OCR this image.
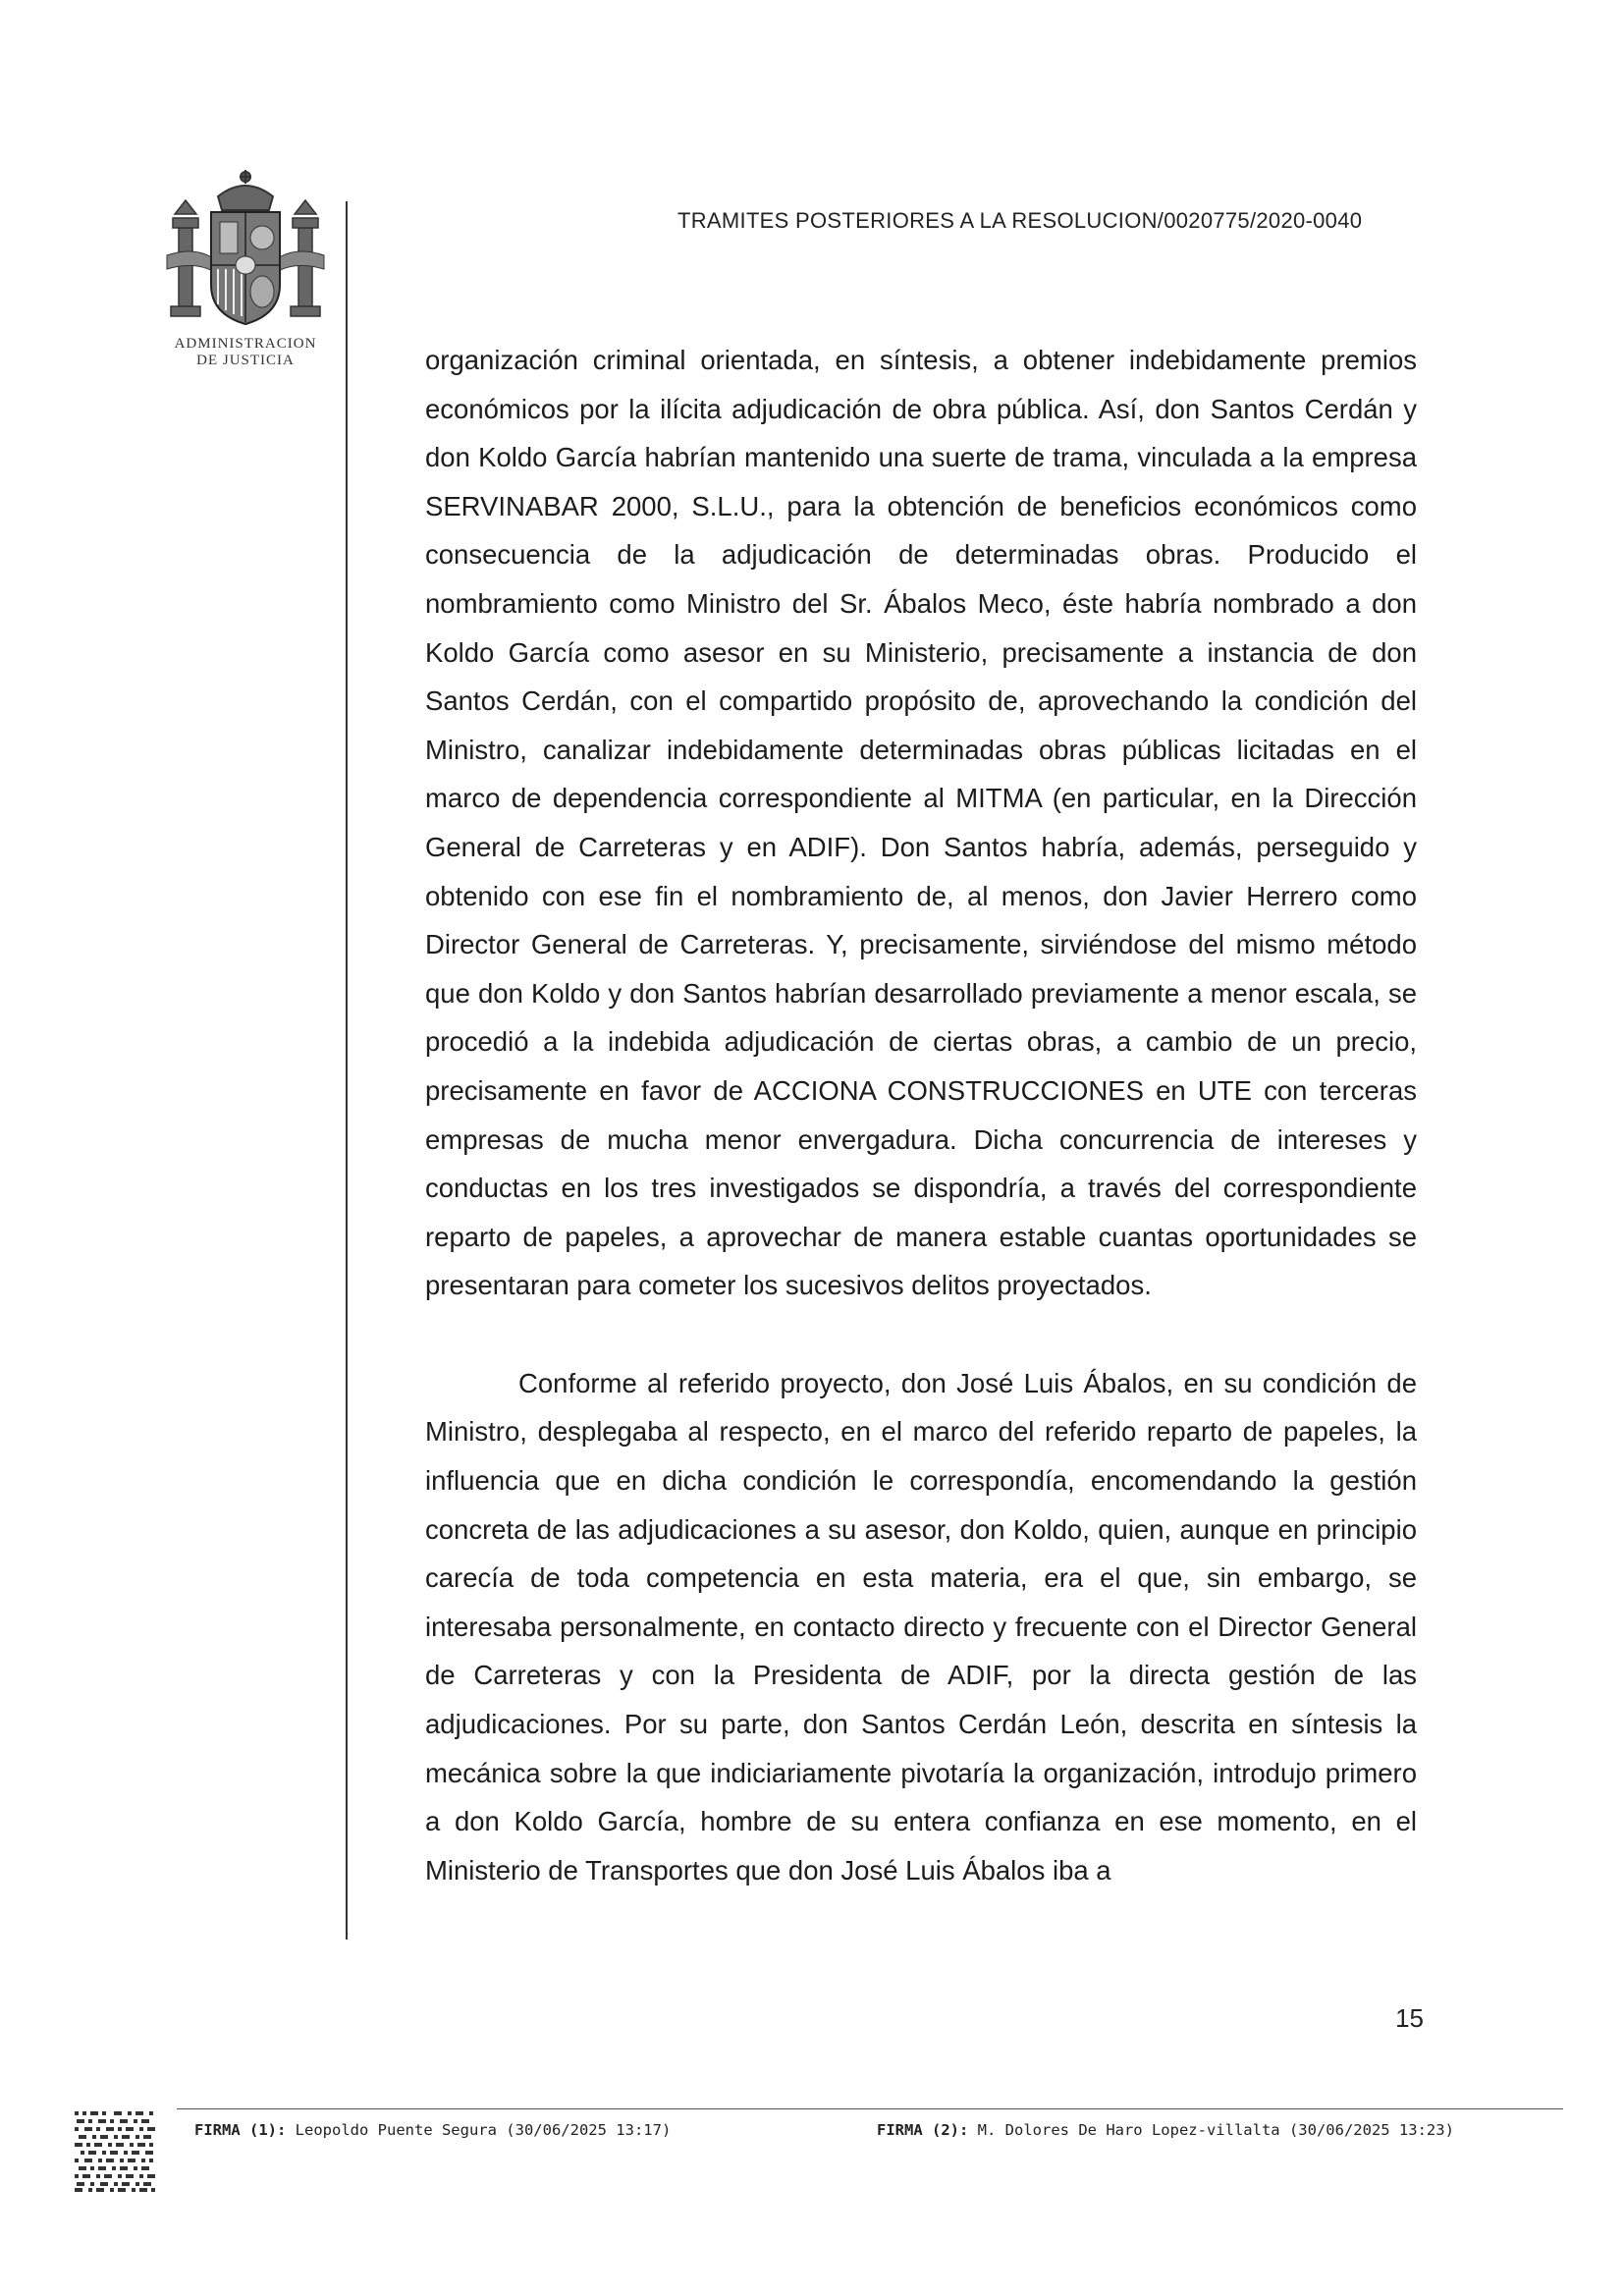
ADMINISTRACION
DE JUSTICIA
TRAMITES POSTERIORES A LA RESOLUCION/0020775/2020-0040

organización criminal orientada, en síntesis, a obtener indebidamente premios económicos por la ilícita adjudicación de obra pública. Así, don Santos Cerdán y don Koldo García habrían mantenido una suerte de trama, vinculada a la empresa SERVINABAR 2000, S.L.U., para la obtención de beneficios económicos como consecuencia de la adjudicación de determinadas obras. Producido el nombramiento como Ministro del Sr. Ábalos Meco, éste habría nombrado a don Koldo García como asesor en su Ministerio, precisamente a instancia de don Santos Cerdán, con el compartido propósito de, aprovechando la condición del Ministro, canalizar indebidamente determinadas obras públicas licitadas en el marco de dependencia correspondiente al MITMA (en particular, en la Dirección General de Carreteras y en ADIF). Don Santos habría, además, perseguido y obtenido con ese fin el nombramiento de, al menos, don Javier Herrero como Director General de Carreteras. Y, precisamente, sirviéndose del mismo método que don Koldo y don Santos habrían desarrollado previamente a menor escala, se procedió a la indebida adjudicación de ciertas obras, a cambio de un precio, precisamente en favor de ACCIONA CONSTRUCCIONES en UTE con terceras empresas de mucha menor envergadura. Dicha concurrencia de intereses y conductas en los tres investigados se dispondría, a través del correspondiente reparto de papeles, a aprovechar de manera estable cuantas oportunidades se presentaran para cometer los sucesivos delitos proyectados.

Conforme al referido proyecto, don José Luis Ábalos, en su condición de Ministro, desplegaba al respecto, en el marco del referido reparto de papeles, la influencia que en dicha condición le correspondía, encomendando la gestión concreta de las adjudicaciones a su asesor, don Koldo, quien, aunque en principio carecía de toda competencia en esta materia, era el que, sin embargo, se interesaba personalmente, en contacto directo y frecuente con el Director General de Carreteras y con la Presidenta de ADIF, por la directa gestión de las adjudicaciones. Por su parte, don Santos Cerdán León, descrita en síntesis la mecánica sobre la que indiciariamente pivotaría la organización, introdujo primero a don Koldo García, hombre de su entera confianza en ese momento, en el Ministerio de Transportes que don José Luis Ábalos iba a

15
FIRMA (1): Leopoldo Puente Segura (30/06/2025 13:17)	FIRMA (2): M. Dolores De Haro Lopez-villalta (30/06/2025 13:23)
